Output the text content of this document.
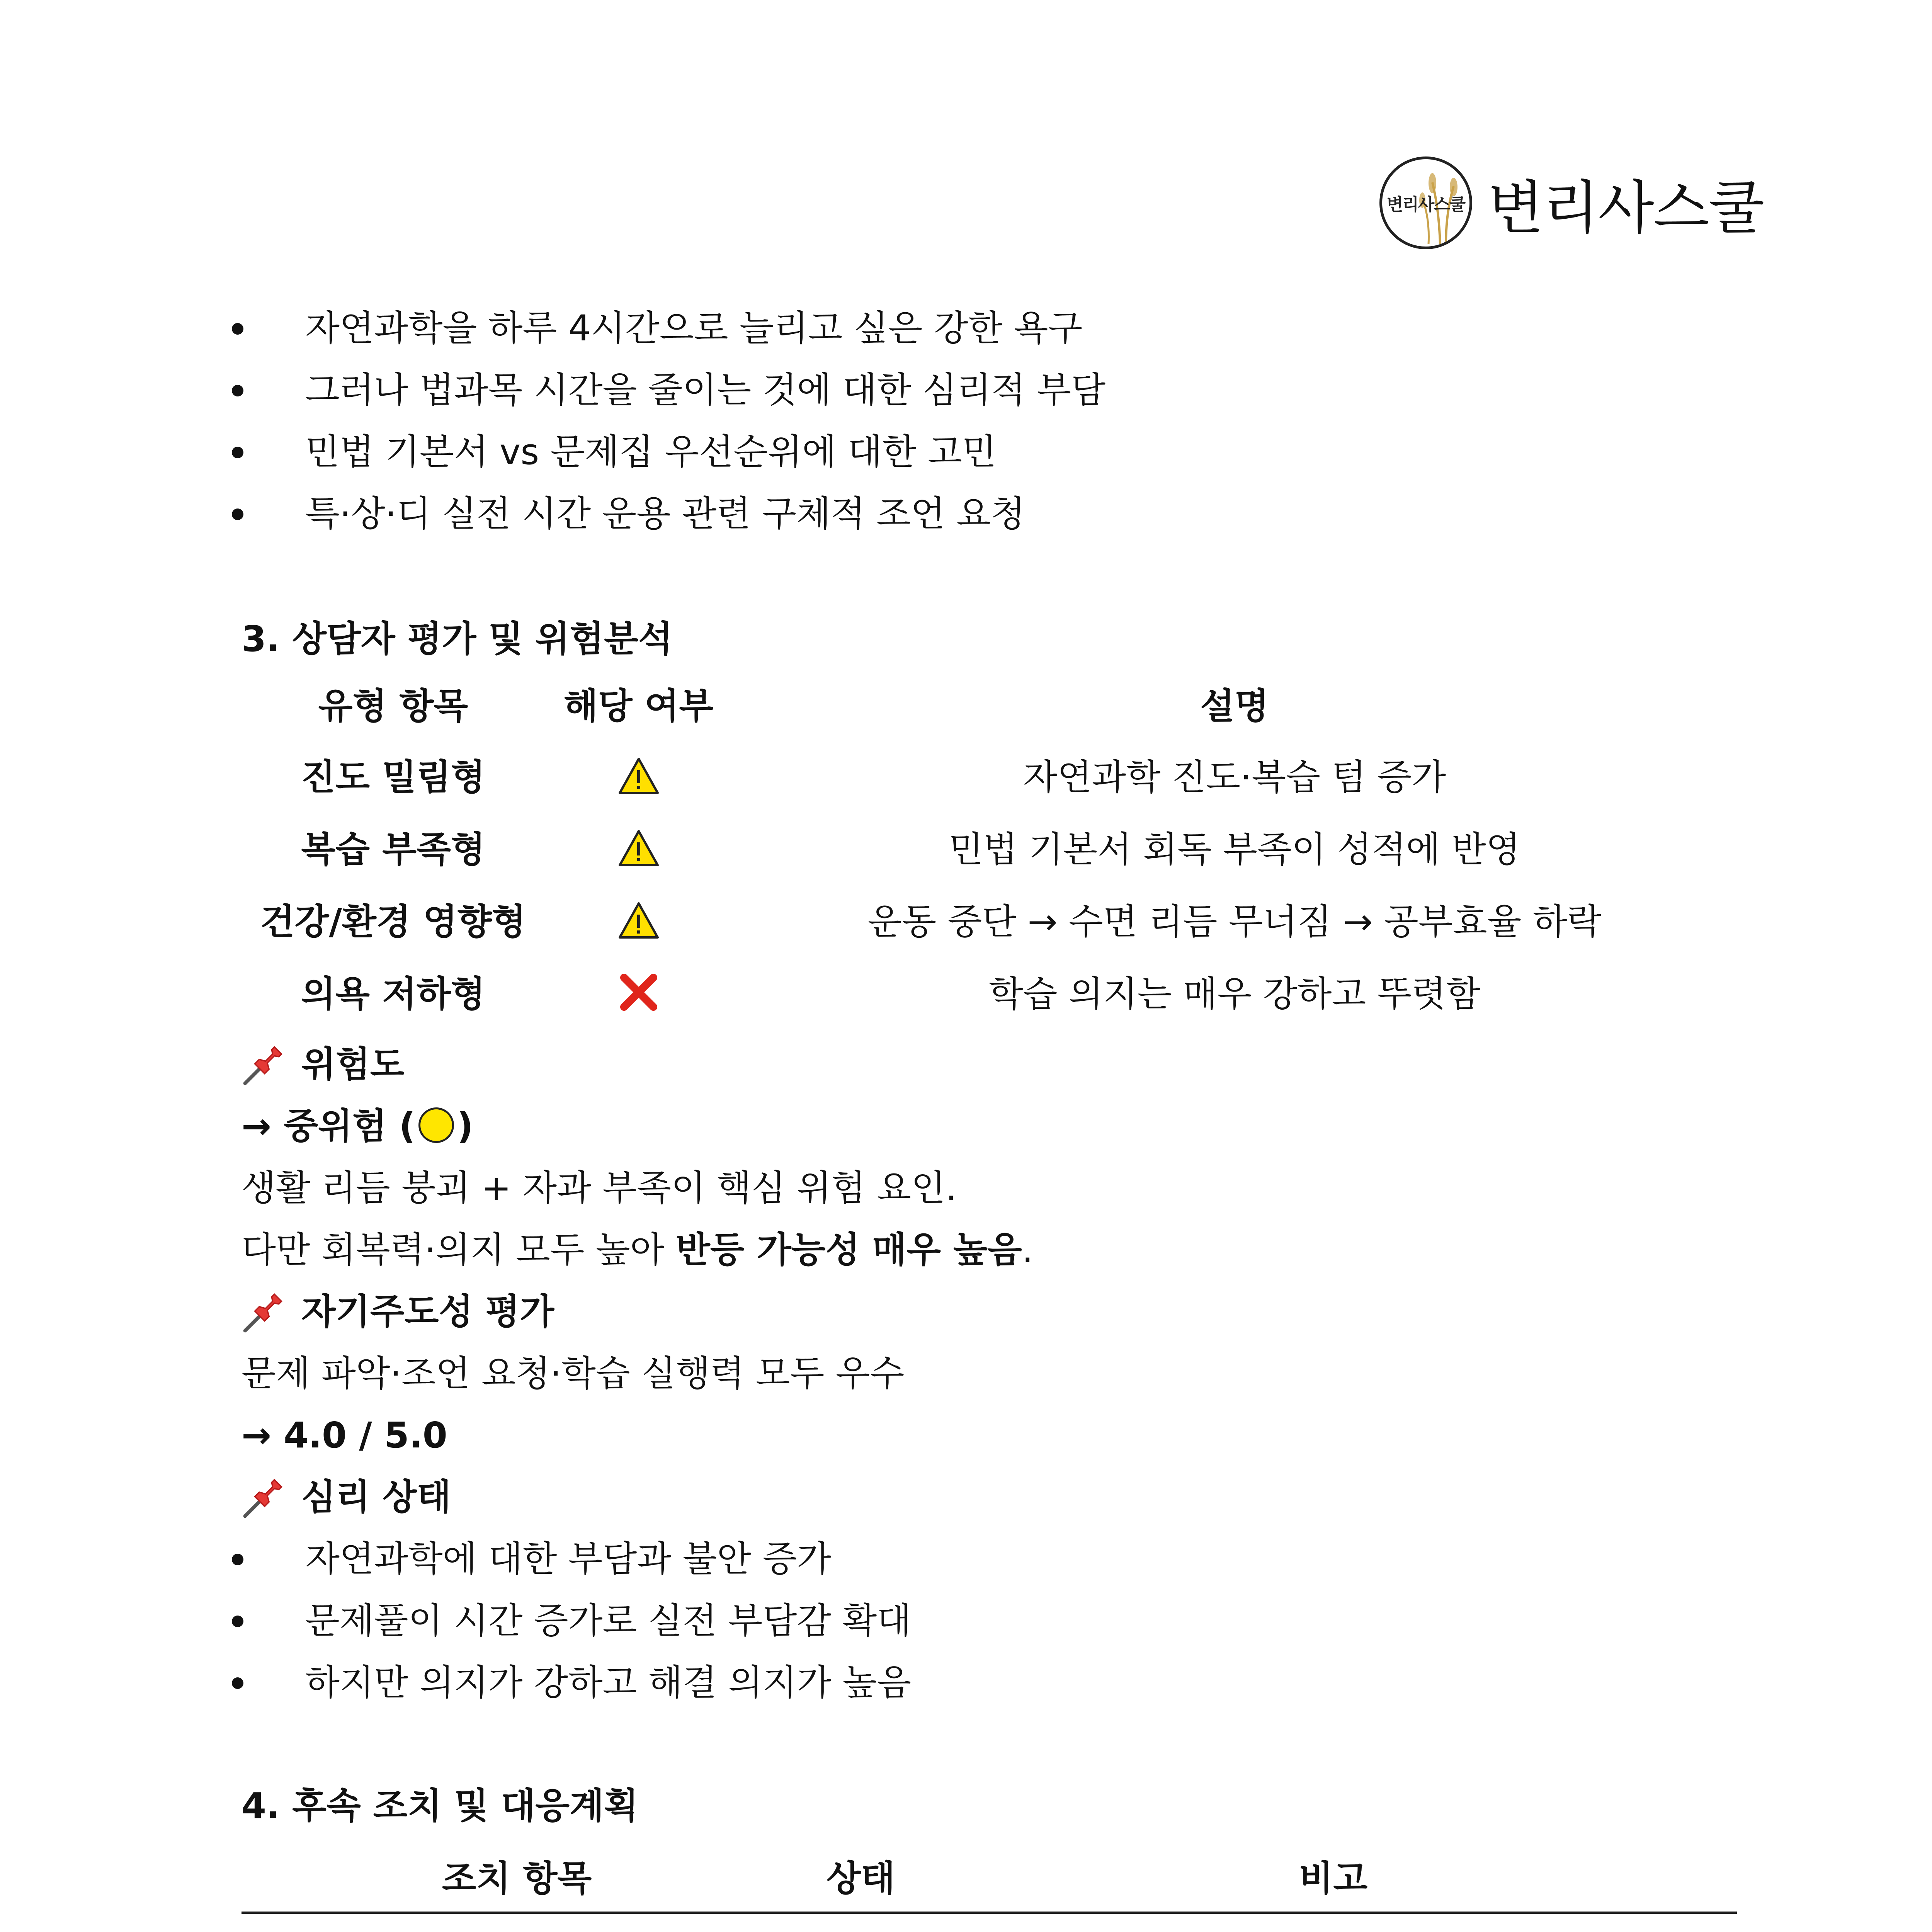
변리사스쿨 변리사스쿨
자연과학을 하루 4시간으로 늘리고 싶은 강한 욕구
그러나 법과목 시간을 줄이는 것에 대한 심리적 부담
민법 기본서 vs 문제집 우선순위에 대한 고민
특·상·디 실전 시간 운용 관련 구체적 조언 요청
3. 상담자 평가 및 위험분석
유형 항목	해당 여부	설명
진도 밀림형		자연과학 진도·복습 텀 증가
복습 부족형		민법 기본서 회독 부족이 성적에 반영
건강/환경 영향형		운동 중단 → 수면 리듬 무너짐 → 공부효율 하락
의욕 저하형		학습 의지는 매우 강하고 뚜렷함
위험도
→ 중위험 ( )
생활 리듬 붕괴 + 자과 부족이 핵심 위험 요인.
다만 회복력·의지 모두 높아 반등 가능성 매우 높음.
자기주도성 평가
문제 파악·조언 요청·학습 실행력 모두 우수
→ 4.0 / 5.0
심리 상태
자연과학에 대한 부담과 불안 증가
문제풀이 시간 증가로 실전 부담감 확대
하지만 의지가 강하고 해결 의지가 높음
4. 후속 조치 및 대응계획
조치 항목	상태	비고
